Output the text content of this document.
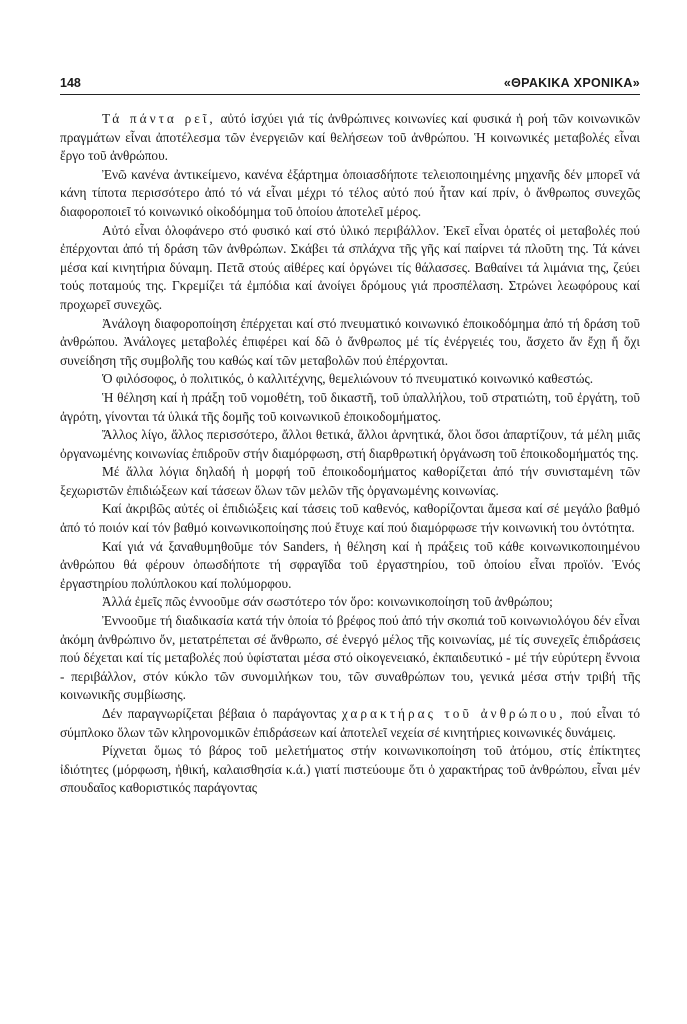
148	«ΘΡΑΚΙΚΑ ΧΡΟΝΙΚΑ»

Τά πάντα ρεῖ, αὐτό ἰσχύει γιά τίς ἀνθρώπινες κοινωνίες καί φυσικά ἡ ροή τῶν κοινωνικῶν πραγμάτων εἶναι ἀποτέλεσμα τῶν ἐνεργειῶν καί θελήσεων τοῦ ἀνθρώπου. Ἡ κοινωνικές μεταβολές εἶναι ἔργο τοῦ ἀνθρώπου.

Ἐνῶ κανένα ἀντικείμενο, κανένα ἐξάρτημα ὁποιασδήποτε τελειοποιημένης μηχανῆς δέν μπορεῖ νά κάνη τίποτα περισσότερο ἀπό τό νά εἶναι μέχρι τό τέλος αὐτό πού ἦταν καί πρίν, ὁ ἄνθρωπος συνεχῶς διαφοροποιεῖ τό κοινωνικό οἰκοδόμημα τοῦ ὁποίου ἀποτελεῖ μέρος.

Αὐτό εἶναι ὁλοφάνερο στό φυσικό καί στό ὑλικό περιβάλλον. Ἐκεῖ εἶναι ὁρατές οἱ μεταβολές πού ἐπέρχονται ἀπό τή δράση τῶν ἀνθρώπων. Σκάβει τά σπλάχνα τῆς γῆς καί παίρνει τά πλοῦτη της. Τά κάνει μέσα καί κινητήρια δύναμη. Πετᾶ στούς αἰθέρες καί ὀργώνει τίς θάλασσες. Βαθαίνει τά λιμάνια της, ζεύει τούς ποταμούς της. Γκρεμίζει τά ἐμπόδια καί ἀνοίγει δρόμους γιά προσπέλαση. Στρώνει λεωφόρους καί προχωρεῖ συνεχῶς.

Ἀνάλογη διαφοροποίηση ἐπέρχεται καί στό πνευματικό κοινωνικό ἐποικοδόμημα ἀπό τή δράση τοῦ ἀνθρώπου. Ἀνάλογες μεταβολές ἐπιφέρει καί δῶ ὁ ἄνθρωπος μέ τίς ἐνέργειές του, ἄσχετο ἄν ἔχῃ ἤ ὄχι συνείδηση τῆς συμβολῆς του καθώς καί τῶν μεταβολῶν πού ἐπέρχονται.

Ὁ φιλόσοφος, ὁ πολιτικός, ὁ καλλιτέχνης, θεμελιώνουν τό πνευματικό κοινωνικό καθεστώς.

Ἡ θέληση καί ἡ πράξη τοῦ νομοθέτη, τοῦ δικαστῆ, τοῦ ὑπαλλήλου, τοῦ στρατιώτη, τοῦ ἐργάτη, τοῦ ἀγρότη, γίνονται τά ὑλικά τῆς δομῆς τοῦ κοινωνικοῦ ἐποικοδομήματος.

Ἄλλος λίγο, ἄλλος περισσότερο, ἄλλοι θετικά, ἄλλοι ἀρνητικά, ὅλοι ὅσοι ἀπαρτίζουν, τά μέλη μιᾶς ὀργανωμένης κοινωνίας ἐπιδροῦν στήν διαμόρφωση, στή διαρθρωτική ὀργάνωση τοῦ ἐποικοδομήματός της.

Μέ ἄλλα λόγια δηλαδή ἡ μορφή τοῦ ἐποικοδομήματος καθορίζεται ἀπό τήν συνισταμένη τῶν ξεχωριστῶν ἐπιδιώξεων καί τάσεων ὅλων τῶν μελῶν τῆς ὀργανωμένης κοινωνίας.

Καί ἀκριβῶς αὐτές οἱ ἐπιδιώξεις καί τάσεις τοῦ καθενός, καθορίζονται ἄμεσα καί σέ μεγάλο βαθμό ἀπό τό ποιόν καί τόν βαθμό κοινωνικοποίησης πού ἔτυχε καί πού διαμόρφωσε τήν κοινωνική του ὀντότητα.

Καί γιά νά ξαναθυμηθοῦμε τόν Sanders, ἡ θέληση καί ἡ πράξεις τοῦ κάθε κοινωνικοποιημένου ἀνθρώπου θά φέρουν ὁπωσδήποτε τή σφραγῖδα τοῦ ἐργαστηρίου, τοῦ ὁποίου εἶναι προϊόν. Ἑνός ἐργαστηρίου πολύπλοκου καί πολύμορφου.

Ἀλλά ἐμεῖς πῶς ἐννοοῦμε σάν σωστότερο τόν ὅρο: κοινωνικοποίηση τοῦ ἀνθρώπου;

Ἐννοοῦμε τή διαδικασία κατά τήν ὁποία τό βρέφος πού ἀπό τήν σκοπιά τοῦ κοινωνιολόγου δέν εἶναι ἀκόμη ἀνθρώπινο ὄν, μετατρέπεται σέ ἄνθρωπο, σέ ἐνεργό μέλος τῆς κοινωνίας, μέ τίς συνεχεῖς ἐπιδράσεις πού δέχεται καί τίς μεταβολές πού ὑφίσταται μέσα στό οἰκογενειακό, ἐκπαιδευτικό - μέ τήν εὐρύτερη ἔννοια - περιβάλλον, στόν κύκλο τῶν συνομιλήκων του, τῶν συναθρώπων του, γενικά μέσα στήν τριβή τῆς κοινωνικῆς συμβίωσης.

Δέν παραγνωρίζεται βέβαια ὁ παράγοντας χαρακτήρας τοῦ ἀνθρώπου, πού εἶναι τό σύμπλοκο ὅλων τῶν κληρονομικῶν ἐπιδράσεων καί ἀποτελεῖ νεχεία σέ κινητήριες κοινωνικές δυνάμεις.

Ρίχνεται ὅμως τό βάρος τοῦ μελετήματος στήν κοινωνικοποίηση τοῦ ἀτόμου, στίς ἐπίκτητες ἰδιότητες (μόρφωση, ἠθική, καλαισθησία κ.ά.) γιατί πιστεύουμε ὅτι ὁ χαρακτήρας τοῦ ἀνθρώπου, εἶναι μέν σπουδαῖος καθοριστικός παράγοντας
